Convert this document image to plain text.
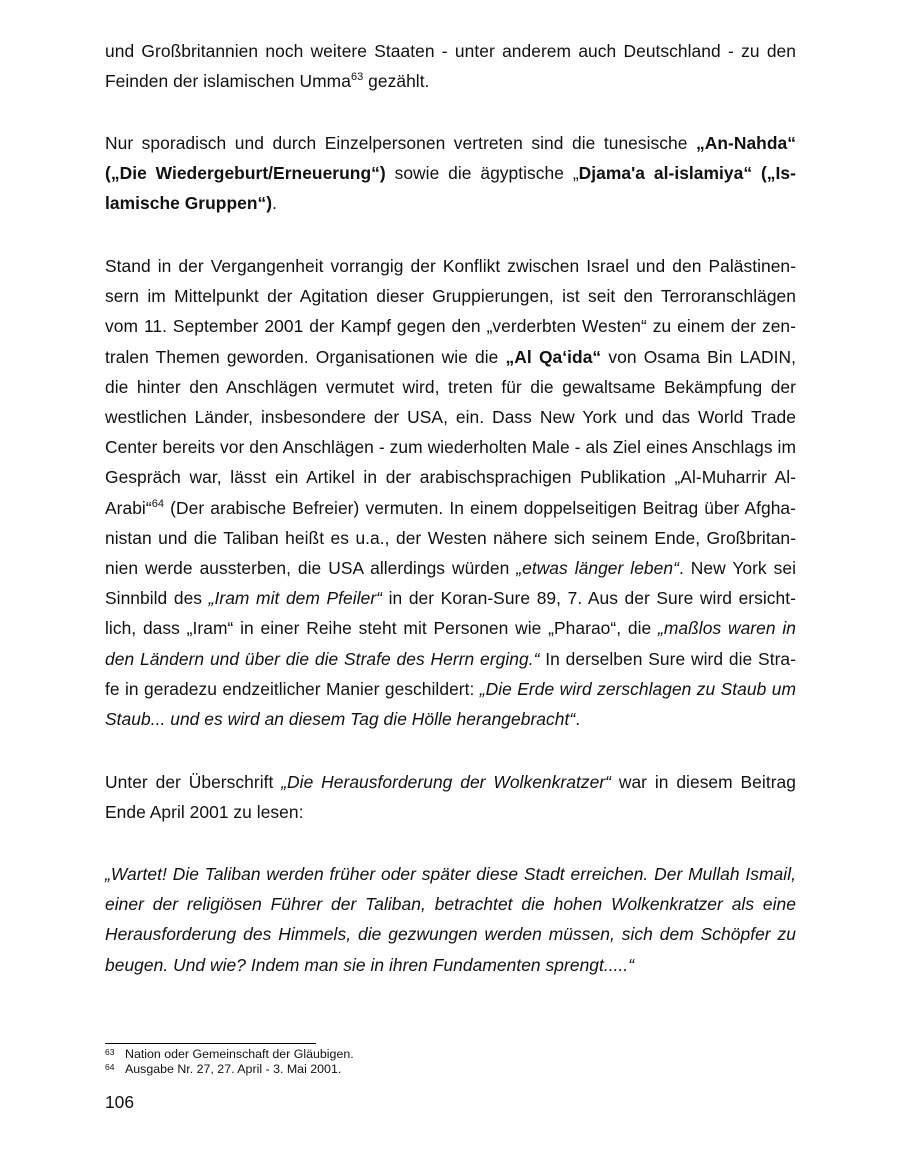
und Großbritannien noch weitere Staaten - unter anderem auch Deutschland - zu den Feinden der islamischen Umma$^{63}$ gezählt.

Nur sporadisch und durch Einzelpersonen vertreten sind die tunesische „An-Nahda“ („Die Wiedergeburt/Erneuerung“) sowie die ägyptische „Djama'a al-islamiya“ („Is-lamische Gruppen“).

Stand in der Vergangenheit vorrangig der Konflikt zwischen Israel und den Palästinen-sern im Mittelpunkt der Agitation dieser Gruppierungen, ist seit den Terroranschlägen vom 11. September 2001 der Kampf gegen den „verderbten Westen“ zu einem der zen-tralen Themen geworden. Organisationen wie die „Al Qa‘ida“ von Osama Bin LADIN, die hinter den Anschlägen vermutet wird, treten für die gewaltsame Bekämpfung der westlichen Länder, insbesondere der USA, ein. Dass New York und das World Trade Center bereits vor den Anschlägen - zum wiederholten Male - als Ziel eines Anschlags im Gespräch war, lässt ein Artikel in der arabischsprachigen Publikation „Al-Muharrir Al-Arabi“$^{64}$ (Der arabische Befreier) vermuten. In einem doppelseitigen Beitrag über Afgha-nistan und die Taliban heißt es u.a., der Westen nähere sich seinem Ende, Großbritan-nien werde aussterben, die USA allerdings würden „etwas länger leben“. New York sei Sinnbild des „Iram mit dem Pfeiler“ in der Koran-Sure 89, 7. Aus der Sure wird ersicht-lich, dass „Iram“ in einer Reihe steht mit Personen wie „Pharao“, die „maßlos waren in den Ländern und über die die Strafe des Herrn erging.“ In derselben Sure wird die Stra-fe in geradezu endzeitlicher Manier geschildert: „Die Erde wird zerschlagen zu Staub um Staub... und es wird an diesem Tag die Hölle herangebracht“.

Unter der Überschrift „Die Herausforderung der Wolkenkratzer“ war in diesem Beitrag Ende April 2001 zu lesen:

„Wartet! Die Taliban werden früher oder später diese Stadt erreichen. Der Mullah Ismail, einer der religiösen Führer der Taliban, betrachtet die hohen Wolkenkratzer als eine Herausforderung des Himmels, die gezwungen werden müssen, sich dem Schöpfer zu beugen. Und wie? Indem man sie in ihren Fundamenten sprengt.....“

63 Nation oder Gemeinschaft der Gläubigen.
64 Ausgabe Nr. 27, 27. April - 3. Mai 2001.
106
